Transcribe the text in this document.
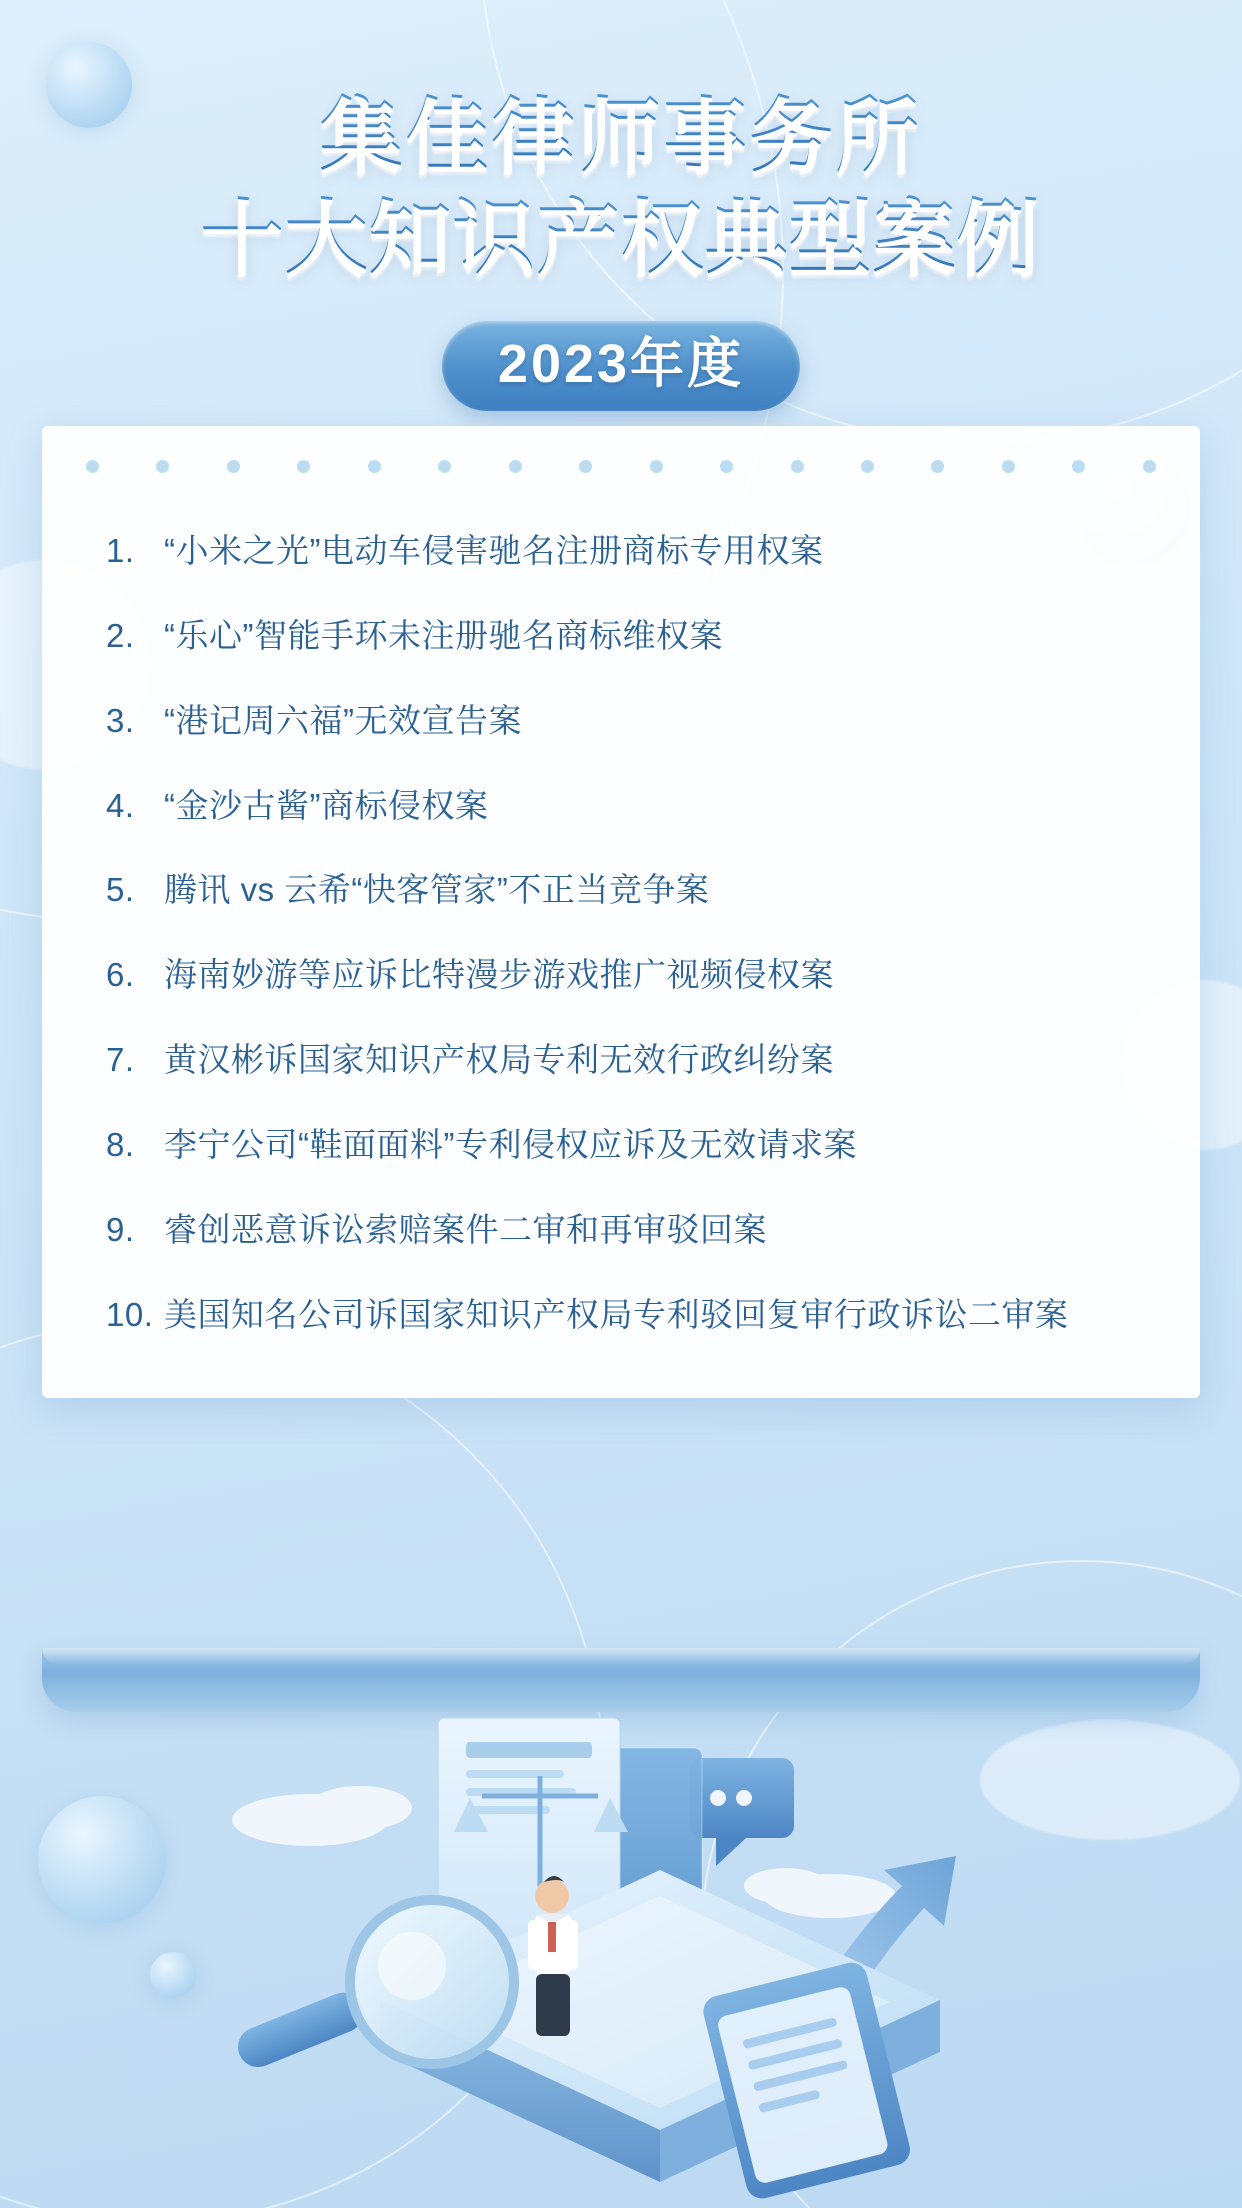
集佳律师事务所
十大知识产权典型案例
2023年度
1. “小米之光”电动车侵害驰名注册商标专用权案
2. “乐心”智能手环未注册驰名商标维权案
3. “港记周六福”无效宣告案
4. “金沙古酱”商标侵权案
5. 腾讯 vs 云希“快客管家”不正当竞争案
6. 海南妙游等应诉比特漫步游戏推广视频侵权案
7. 黄汉彬诉国家知识产权局专利无效行政纠纷案
8. 李宁公司“鞋面面料”专利侵权应诉及无效请求案
9. 睿创恶意诉讼索赔案件二审和再审驳回案
10. 美国知名公司诉国家知识产权局专利驳回复审行政诉讼二审案
